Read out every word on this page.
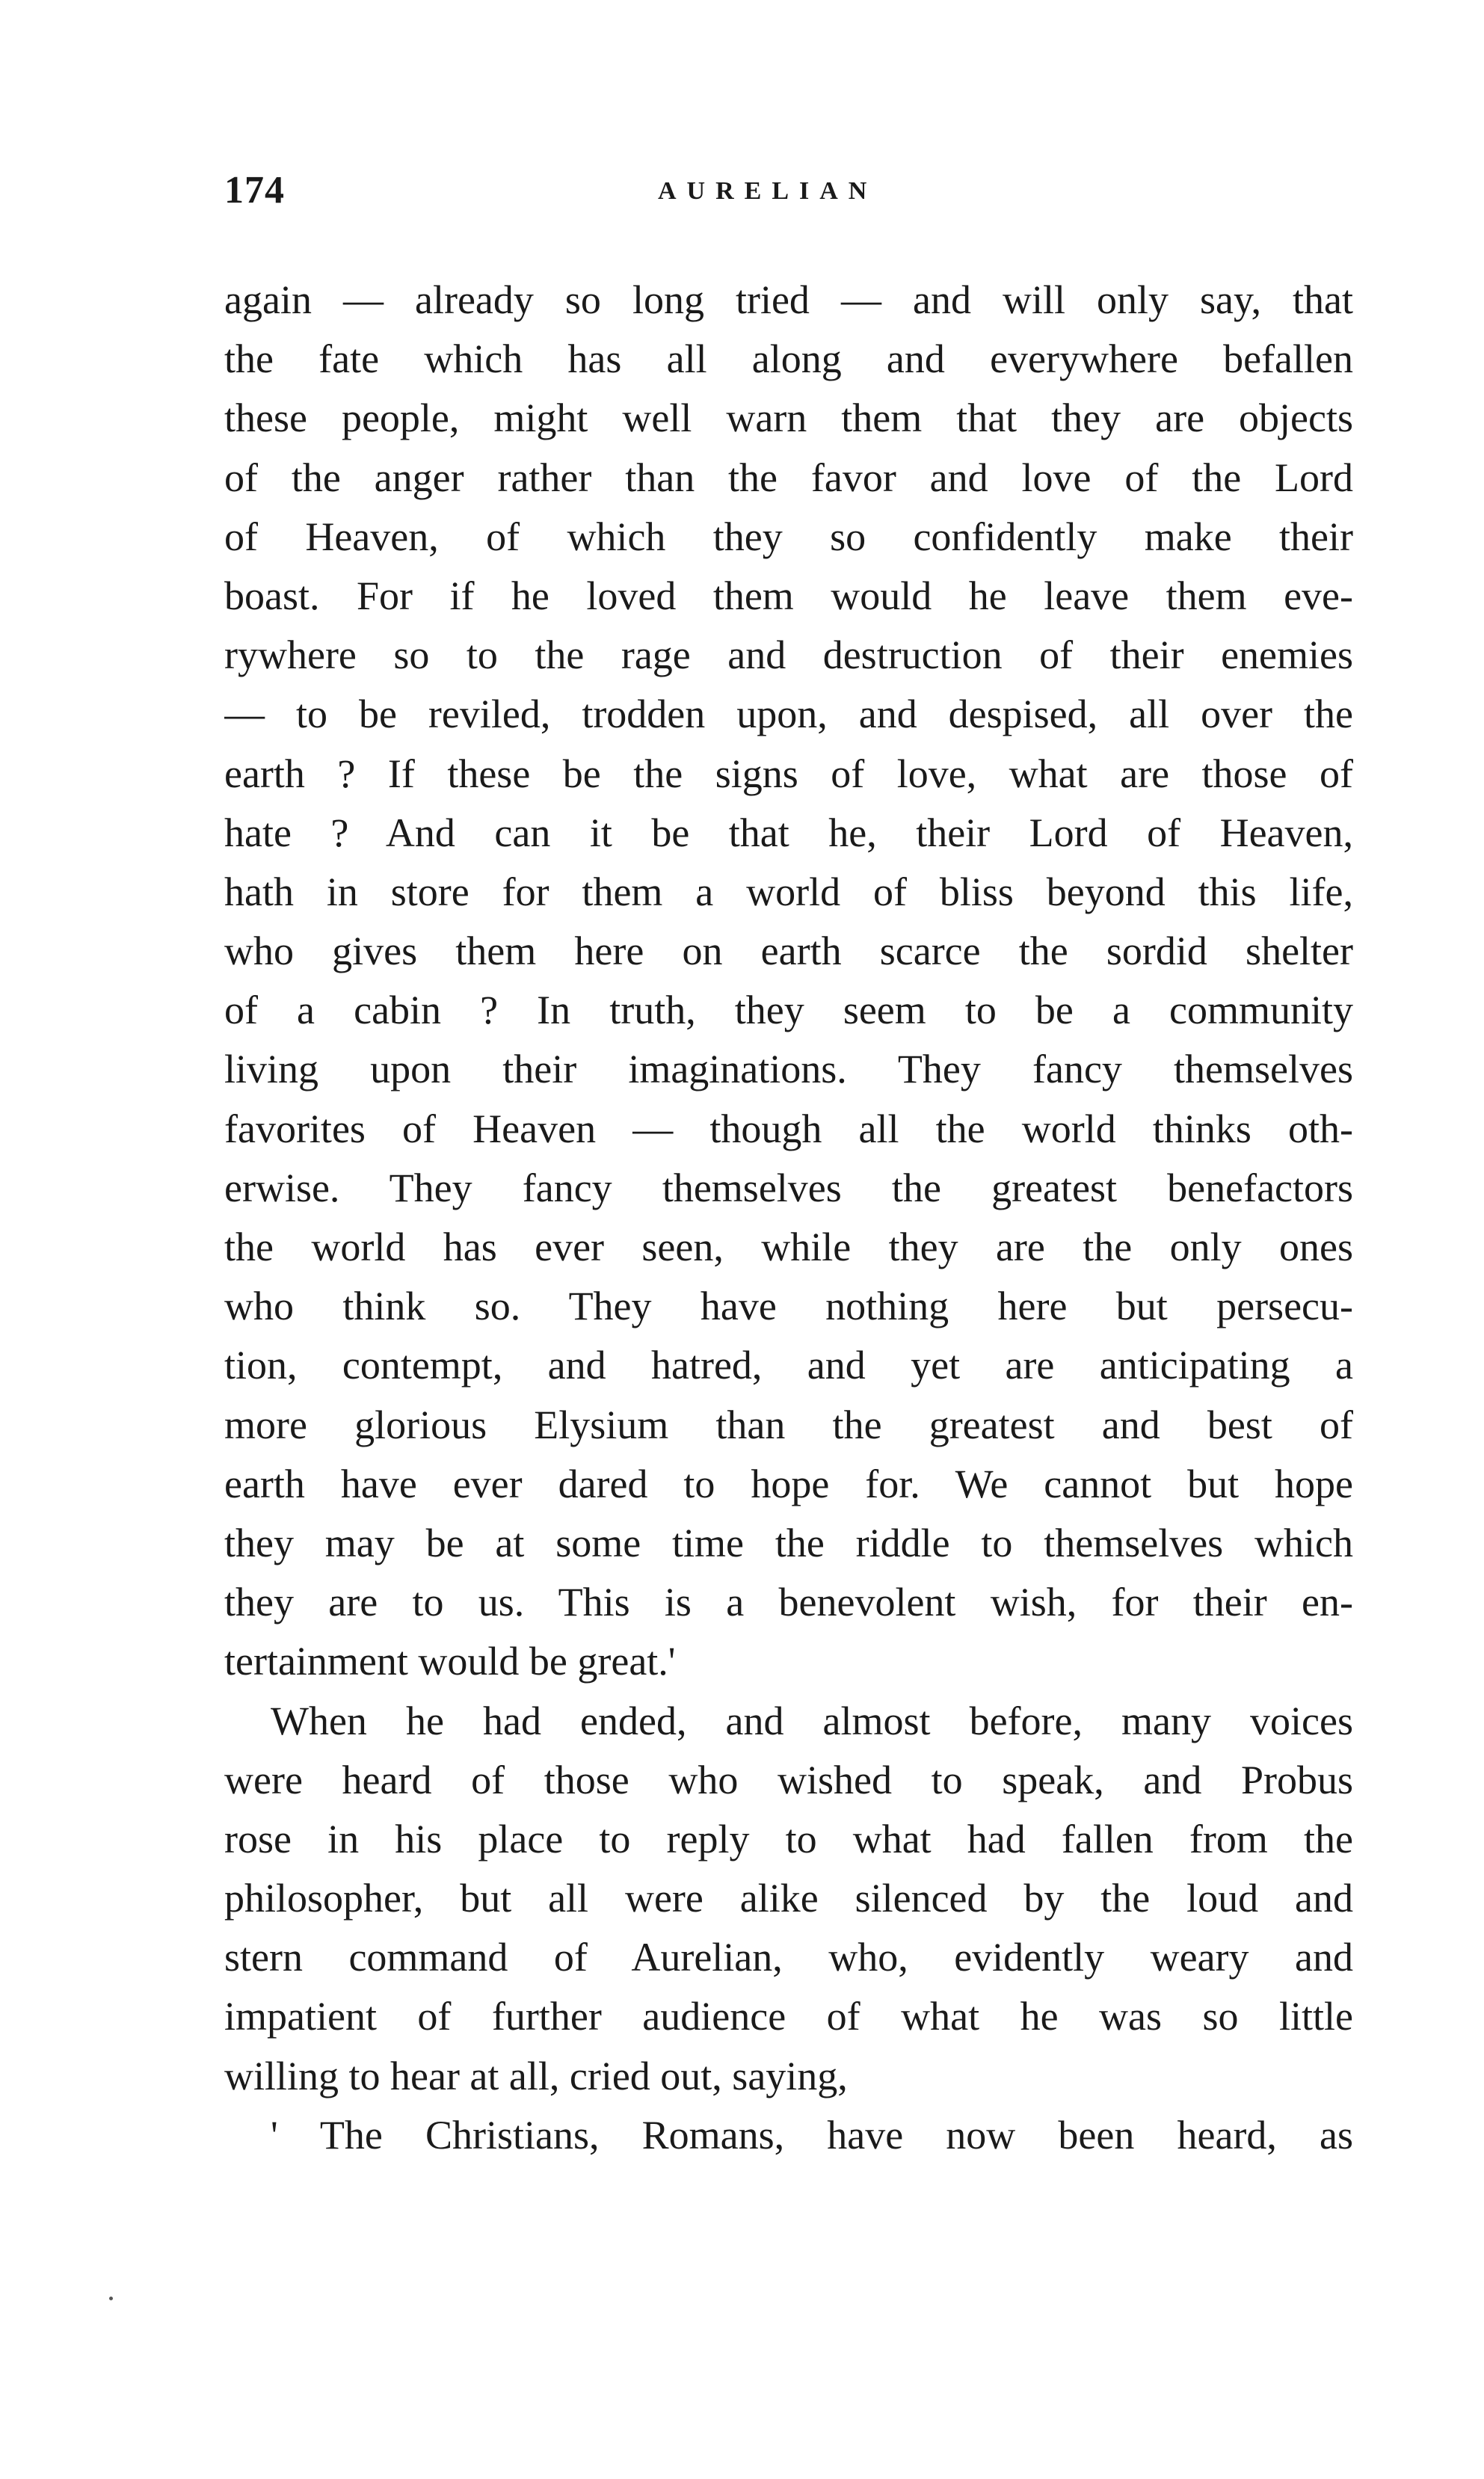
174	AURELIAN
again — already so long tried — and will only say, that
the fate which has all along and everywhere befallen
these people, might well warn them that they are objects
of the anger rather than the favor and love of the Lord
of Heaven, of which they so confidently make their
boast. For if he loved them would he leave them eve-
rywhere so to the rage and destruction of their enemies
— to be reviled, trodden upon, and despised, all over the
earth ? If these be the signs of love, what are those of
hate ? And can it be that he, their Lord of Heaven,
hath in store for them a world of bliss beyond this life,
who gives them here on earth scarce the sordid shelter
of a cabin ? In truth, they seem to be a community
living upon their imaginations. They fancy themselves
favorites of Heaven — though all the world thinks oth-
erwise. They fancy themselves the greatest benefactors
the world has ever seen, while they are the only ones
who think so. They have nothing here but persecu-
tion, contempt, and hatred, and yet are anticipating a
more glorious Elysium than the greatest and best of
earth have ever dared to hope for. We cannot but hope
they may be at some time the riddle to themselves which
they are to us. This is a benevolent wish, for their en-
tertainment would be great.'
When he had ended, and almost before, many voices
were heard of those who wished to speak, and Probus
rose in his place to reply to what had fallen from the
philosopher, but all were alike silenced by the loud and
stern command of Aurelian, who, evidently weary and
impatient of further audience of what he was so little
willing to hear at all, cried out, saying,
' The Christians, Romans, have now been heard, as
